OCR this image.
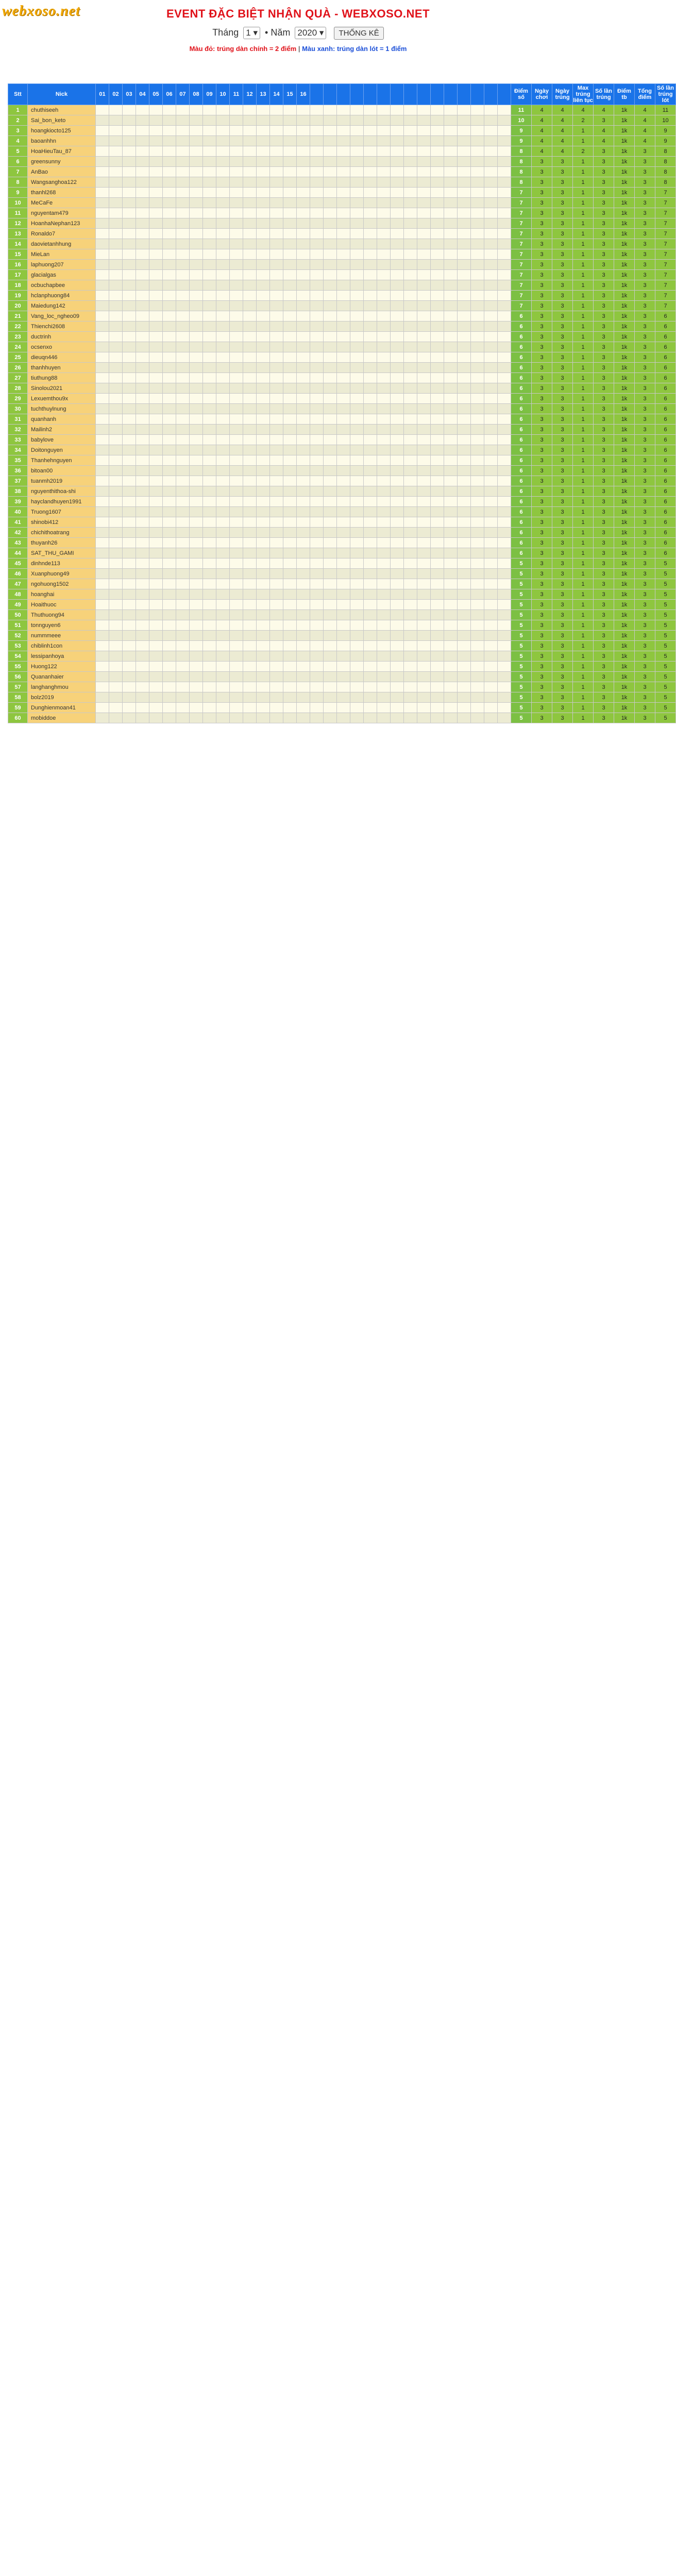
webxoso.net	EVENT ĐẶC BIỆT NHẬN QUÀ - WEBXOSO.NET
Tháng 1 ▾ • Năm 2020 ▾ THỐNG KÊ
Màu đỏ: trúng dàn chính = 2 điểm | Màu xanh: trúng dàn lót = 1 điểm
Stt	Nick	01	02	03	04	05	06	07	08	09	10	11	12	13	14	15	16																Điểm số	Ngày chơi	Ngày trúng	Max trúng liên tục	Số lần trúng	Điểm tb	Tổng điểm	Số lần trúng lót
1	chuthiseeh																																11	4	4	4	4	1k	4	11
2	Sai_bon_keto																																10	4	4	2	3	1k	4	10
3	hoangkiocto125																																9	4	4	1	4	1k	4	9
4	baoanhhn																																9	4	4	1	4	1k	4	9
5	HoaHieuTau_87																																8	4	4	2	3	1k	3	8
6	greensunny																																8	3	3	1	3	1k	3	8
7	AnBao																																8	3	3	1	3	1k	3	8
8	Wangsanghoa122																																8	3	3	1	3	1k	3	8
9	thanhl268																																7	3	3	1	3	1k	3	7
10	MeCaFe																																7	3	3	1	3	1k	3	7
11	nguyentam479																																7	3	3	1	3	1k	3	7
12	HoanhaNephan123																																7	3	3	1	3	1k	3	7
13	Ronaldo7																																7	3	3	1	3	1k	3	7
14	daovietanhhung																																7	3	3	1	3	1k	3	7
15	MieLan																																7	3	3	1	3	1k	3	7
16	laphuong207																																7	3	3	1	3	1k	3	7
17	glacialgas																																7	3	3	1	3	1k	3	7
18	ocbuchapbee																																7	3	3	1	3	1k	3	7
19	hclanphuong84																																7	3	3	1	3	1k	3	7
20	Maiedung142																																7	3	3	1	3	1k	3	7
21	Vang_loc_ngheo09																																6	3	3	1	3	1k	3	6
22	Thienchi2608																																6	3	3	1	3	1k	3	6
23	ductrinh																																6	3	3	1	3	1k	3	6
24	ocsenxo																																6	3	3	1	3	1k	3	6
25	dieuqn446																																6	3	3	1	3	1k	3	6
26	thanhhuyen																																6	3	3	1	3	1k	3	6
27	tiuthung88																																6	3	3	1	3	1k	3	6
28	Sinolou2021																																6	3	3	1	3	1k	3	6
29	Lexuemthou9x																																6	3	3	1	3	1k	3	6
30	tuchthuylnung																																6	3	3	1	3	1k	3	6
31	quanhanh																																6	3	3	1	3	1k	3	6
32	Mailinh2																																6	3	3	1	3	1k	3	6
33	babylove																																6	3	3	1	3	1k	3	6
34	Doitonguyen																																6	3	3	1	3	1k	3	6
35	Thanhehnguyen																																6	3	3	1	3	1k	3	6
36	bitoan00																																6	3	3	1	3	1k	3	6
37	tuanmh2019																																6	3	3	1	3	1k	3	6
38	nguyenthithoa-shi																																6	3	3	1	3	1k	3	6
39	hayclandhuyen1991																																6	3	3	1	3	1k	3	6
40	Truong1607																																6	3	3	1	3	1k	3	6
41	shinobi412																																6	3	3	1	3	1k	3	6
42	chichithoatrang																																6	3	3	1	3	1k	3	6
43	thuyanh26																																6	3	3	1	3	1k	3	6
44	SAT_THU_GAMI																																6	3	3	1	3	1k	3	6
45	dinhnde113																																5	3	3	1	3	1k	3	5
46	Xuanphuong49																																5	3	3	1	3	1k	3	5
47	ngohuong1502																																5	3	3	1	3	1k	3	5
48	hoanghai																																5	3	3	1	3	1k	3	5
49	Hoaithuoc																																5	3	3	1	3	1k	3	5
50	Thuthuong94																																5	3	3	1	3	1k	3	5
51	tonnguyen6																																5	3	3	1	3	1k	3	5
52	nummmeee																																5	3	3	1	3	1k	3	5
53	chiblinh1con																																5	3	3	1	3	1k	3	5
54	lessipanhoya																																5	3	3	1	3	1k	3	5
55	Huong122																																5	3	3	1	3	1k	3	5
56	Quananhaier																																5	3	3	1	3	1k	3	5
57	langhanghmou																																5	3	3	1	3	1k	3	5
58	bolz2019																																5	3	3	1	3	1k	3	5
59	Dunghienmoan41																																5	3	3	1	3	1k	3	5
60	mobiddoe																																5	3	3	1	3	1k	3	5
